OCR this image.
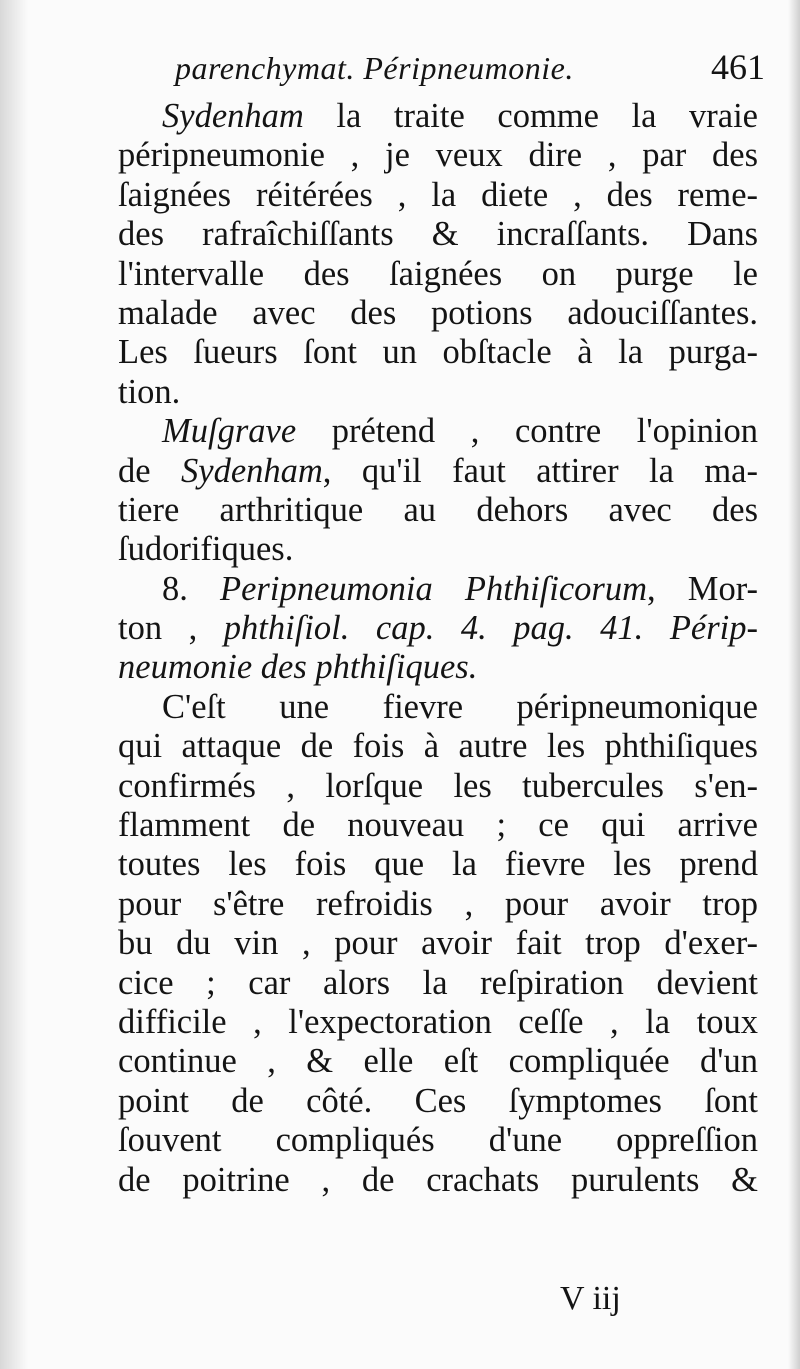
parenchymat. Péripneumonie.	461
Sydenham la traite comme la vraie
péripneumonie , je veux dire , par des
ſaignées réitérées , la diete , des reme-
des rafraîchiſſants & incraſſants. Dans
l'intervalle des ſaignées on purge le
malade avec des potions adouciſſantes.
Les ſueurs ſont un obſtacle à la purga-
tion.
Muſgrave prétend , contre l'opinion
de Sydenham, qu'il faut attirer la ma-
tiere arthritique au dehors avec des
ſudorifiques.
8. Peripneumonia Phthiſicorum, Mor-
ton , phthiſiol. cap. 4. pag. 41. Périp-
neumonie des phthiſiques.
C'eſt une fievre péripneumonique
qui attaque de fois à autre les phthiſiques
confirmés , lorſque les tubercules s'en-
flamment de nouveau ; ce qui arrive
toutes les fois que la fievre les prend
pour s'être refroidis , pour avoir trop
bu du vin , pour avoir fait trop d'exer-
cice ; car alors la reſpiration devient
difficile , l'expectoration ceſſe , la toux
continue , & elle eſt compliquée d'un
point de côté. Ces ſymptomes ſont
ſouvent compliqués d'une oppreſſion
de poitrine , de crachats purulents &
V iij
